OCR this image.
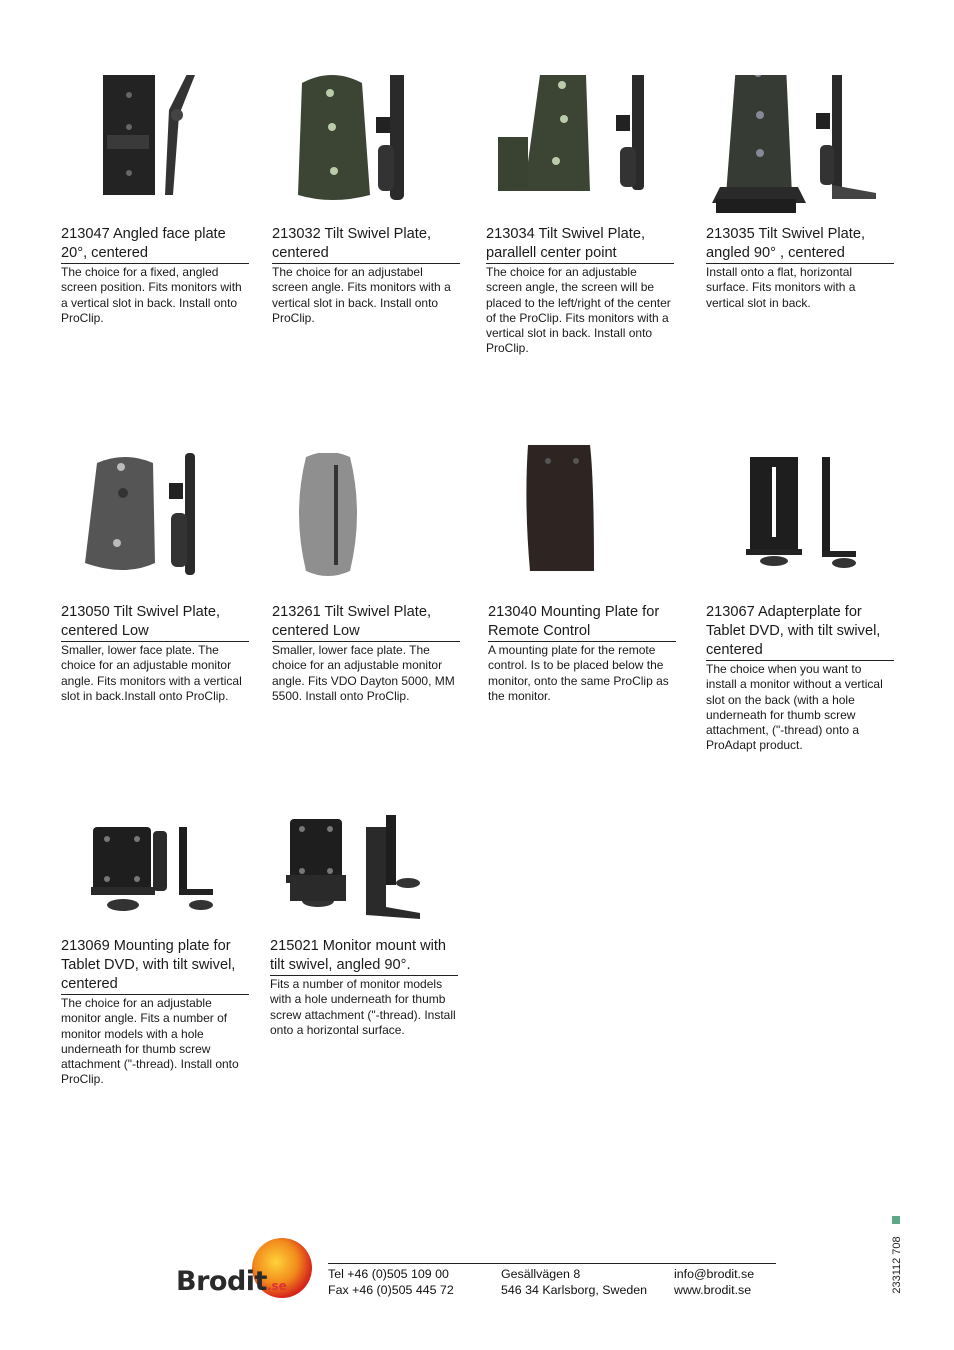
213047 Angled face plate 20°, centered
The choice for a fixed, angled screen position. Fits monitors with a vertical slot in back. Install onto ProClip.
213032 Tilt Swivel Plate, centered
The choice for an adjustabel screen angle. Fits monitors with a vertical slot in back. Install onto ProClip.
213034 Tilt Swivel Plate, parallell center point
The choice for an adjustable screen angle, the screen will be placed to the left/right of the center of the ProClip. Fits monitors with a vertical slot in back. Install onto ProClip.
213035 Tilt Swivel Plate, angled 90° , centered
Install onto a flat, horizontal surface. Fits monitors with a vertical slot in back.
213050 Tilt Swivel Plate, centered Low
Smaller, lower face plate. The choice for an adjustable monitor angle. Fits monitors with a vertical slot in back.Install onto ProClip.
213261 Tilt Swivel Plate, centered Low
Smaller, lower face plate. The choice for an adjustable monitor angle. Fits VDO Dayton 5000, MM 5500. Install onto ProClip.
213040 Mounting Plate for Remote Control
A mounting plate for the remote control. Is to be placed below the monitor, onto the same ProClip as the monitor.
213067 Adapterplate for Tablet DVD, with tilt swivel, centered
The choice when you want to install a monitor without a vertical slot on the back (with a hole underneath for thumb screw attachment, ("-thread) onto a ProAdapt product.
213069 Mounting plate for Tablet DVD, with tilt swivel, centered
The choice for an adjustable monitor angle. Fits a number of monitor models with a hole underneath for thumb screw attachment ("-thread). Install onto ProClip.
215021 Monitor mount with tilt swivel, angled 90°.
Fits a number of monitor models with a hole underneath for thumb screw attachment ("-thread). Install onto a horizontal surface.
Brodit.se
Tel +46 (0)505 109 00
Fax +46 (0)505 445 72
Gesällvägen 8
546 34 Karlsborg, Sweden
info@brodit.se
www.brodit.se	233112 708
